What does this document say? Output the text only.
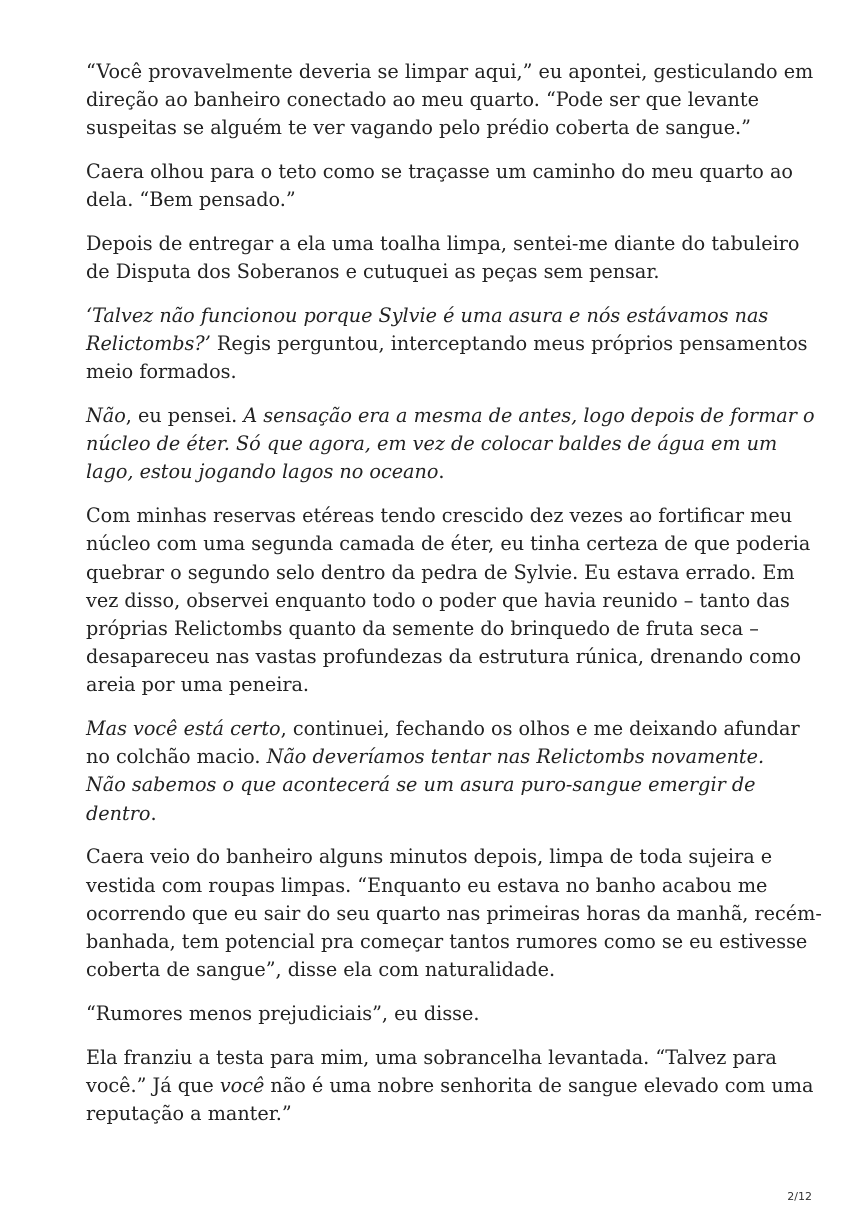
“Você provavelmente deveria se limpar aqui,” eu apontei, gesticulando em
direção ao banheiro conectado ao meu quarto. “Pode ser que levante
suspeitas se alguém te ver vagando pelo prédio coberta de sangue.”

Caera olhou para o teto como se traçasse um caminho do meu quarto ao
dela. “Bem pensado.”

Depois de entregar a ela uma toalha limpa, sentei-me diante do tabuleiro
de Disputa dos Soberanos e cutuquei as peças sem pensar.

‘Talvez não funcionou porque Sylvie é uma asura e nós estávamos nas
Relictombs?’ Regis perguntou, interceptando meus próprios pensamentos
meio formados.

Não, eu pensei. A sensação era a mesma de antes, logo depois de formar o
núcleo de éter. Só que agora, em vez de colocar baldes de água em um
lago, estou jogando lagos no oceano.

Com minhas reservas etéreas tendo crescido dez vezes ao fortificar meu
núcleo com uma segunda camada de éter, eu tinha certeza de que poderia
quebrar o segundo selo dentro da pedra de Sylvie. Eu estava errado. Em
vez disso, observei enquanto todo o poder que havia reunido – tanto das
próprias Relictombs quanto da semente do brinquedo de fruta seca –
desapareceu nas vastas profundezas da estrutura rúnica, drenando como
areia por uma peneira.

Mas você está certo, continuei, fechando os olhos e me deixando afundar
no colchão macio. Não deveríamos tentar nas Relictombs novamente.
Não sabemos o que acontecerá se um asura puro-sangue emergir de
dentro.

Caera veio do banheiro alguns minutos depois, limpa de toda sujeira e
vestida com roupas limpas. “Enquanto eu estava no banho acabou me
ocorrendo que eu sair do seu quarto nas primeiras horas da manhã, recém-
banhada, tem potencial pra começar tantos rumores como se eu estivesse
coberta de sangue”, disse ela com naturalidade.

“Rumores menos prejudiciais”, eu disse.

Ela franziu a testa para mim, uma sobrancelha levantada. “Talvez para
você.” Já que você não é uma nobre senhorita de sangue elevado com uma
reputação a manter.”

2/12
